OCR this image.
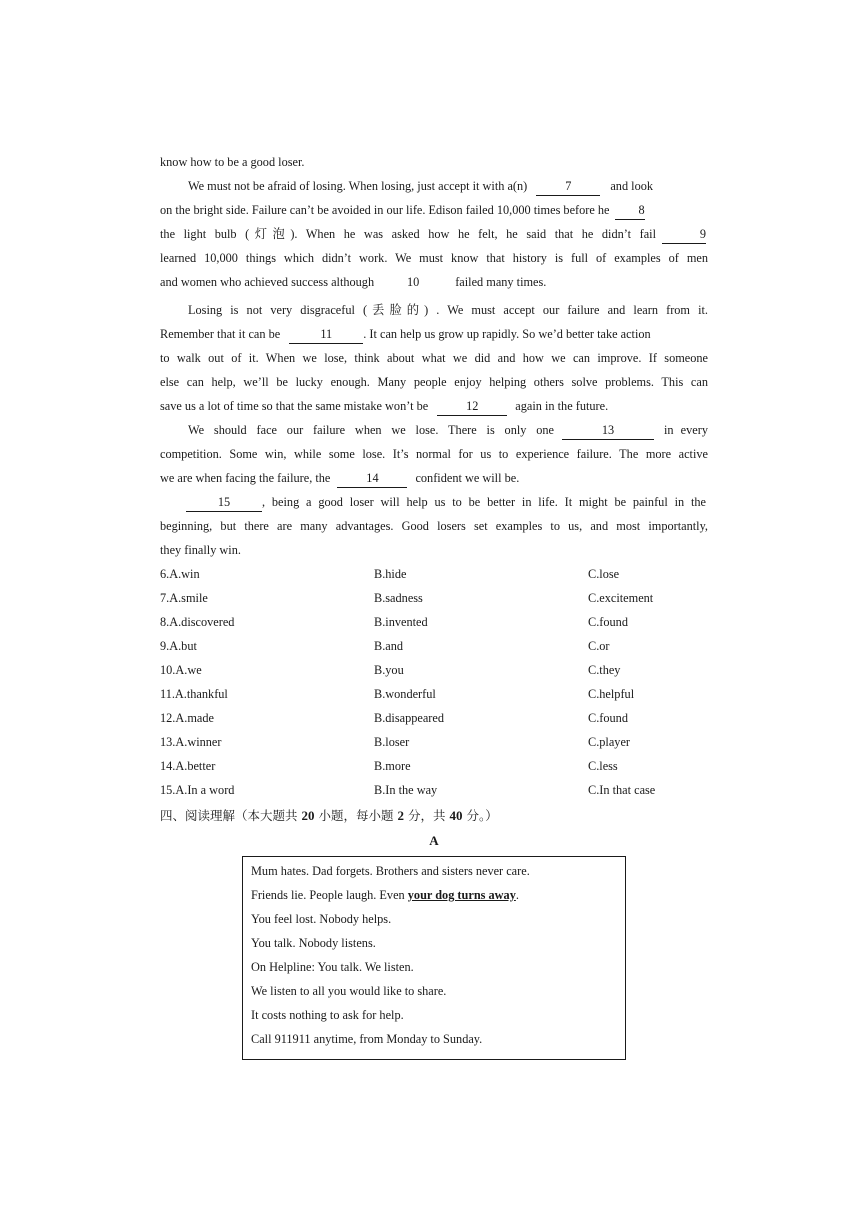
know how to be a good loser.
We must not be afraid of losing. When losing, just accept it with a(n)	7	and look
on the bright side. Failure can’t be avoided in our life. Edison failed 10,000 times before he 8
the light bulb (灯泡). When he was asked how he felt, he said that he didn’t fail	9
learned 10,000 things which didn’t work. We must know that history is full of examples of men
and women who achieved success although	10	failed many times.
Losing is not very disgraceful (丢脸的) . We must accept our failure and learn from it.
Remember that it can be	11	. It can help us grow up rapidly. So we’d better take action
to walk out of it. When we lose, think about what we did and how we can improve. If someone
else can help, we’ll be lucky enough. Many people enjoy helping others solve problems. This can
save us a lot of time so that the same mistake won’t be	12	again in the future.
We should face our failure when we lose. There is only one	13	in every
competition. Some win, while some lose. It’s normal for us to experience failure. The more active
we are when facing the failure, the	14	confident we will be.
15	, being a good loser will help us to be better in life. It might be painful in the
beginning, but there are many advantages. Good losers set examples to us, and most importantly,
they finally win.
6.A.win	B.hide	C.lose
7.A.smile	B.sadness	C.excitement
8.A.discovered	B.invented	C.found
9.A.but	B.and	C.or
10.A.we	B.you	C.they
11.A.thankful	B.wonderful	C.helpful
12.A.made	B.disappeared	C.found
13.A.winner	B.loser	C.player
14.A.better	B.more	C.less
15.A.In a word	B.In the way	C.In that case
四、阅读理解（本大题共 20 小题，每小题 2 分，共 40 分。）
A
Mum hates. Dad forgets. Brothers and sisters never care.
Friends lie. People laugh. Even your dog turns away.
You feel lost. Nobody helps.
You talk. Nobody listens.
On Helpline: You talk. We listen.
We listen to all you would like to share.
It costs nothing to ask for help.
Call 911911 anytime, from Monday to Sunday.
